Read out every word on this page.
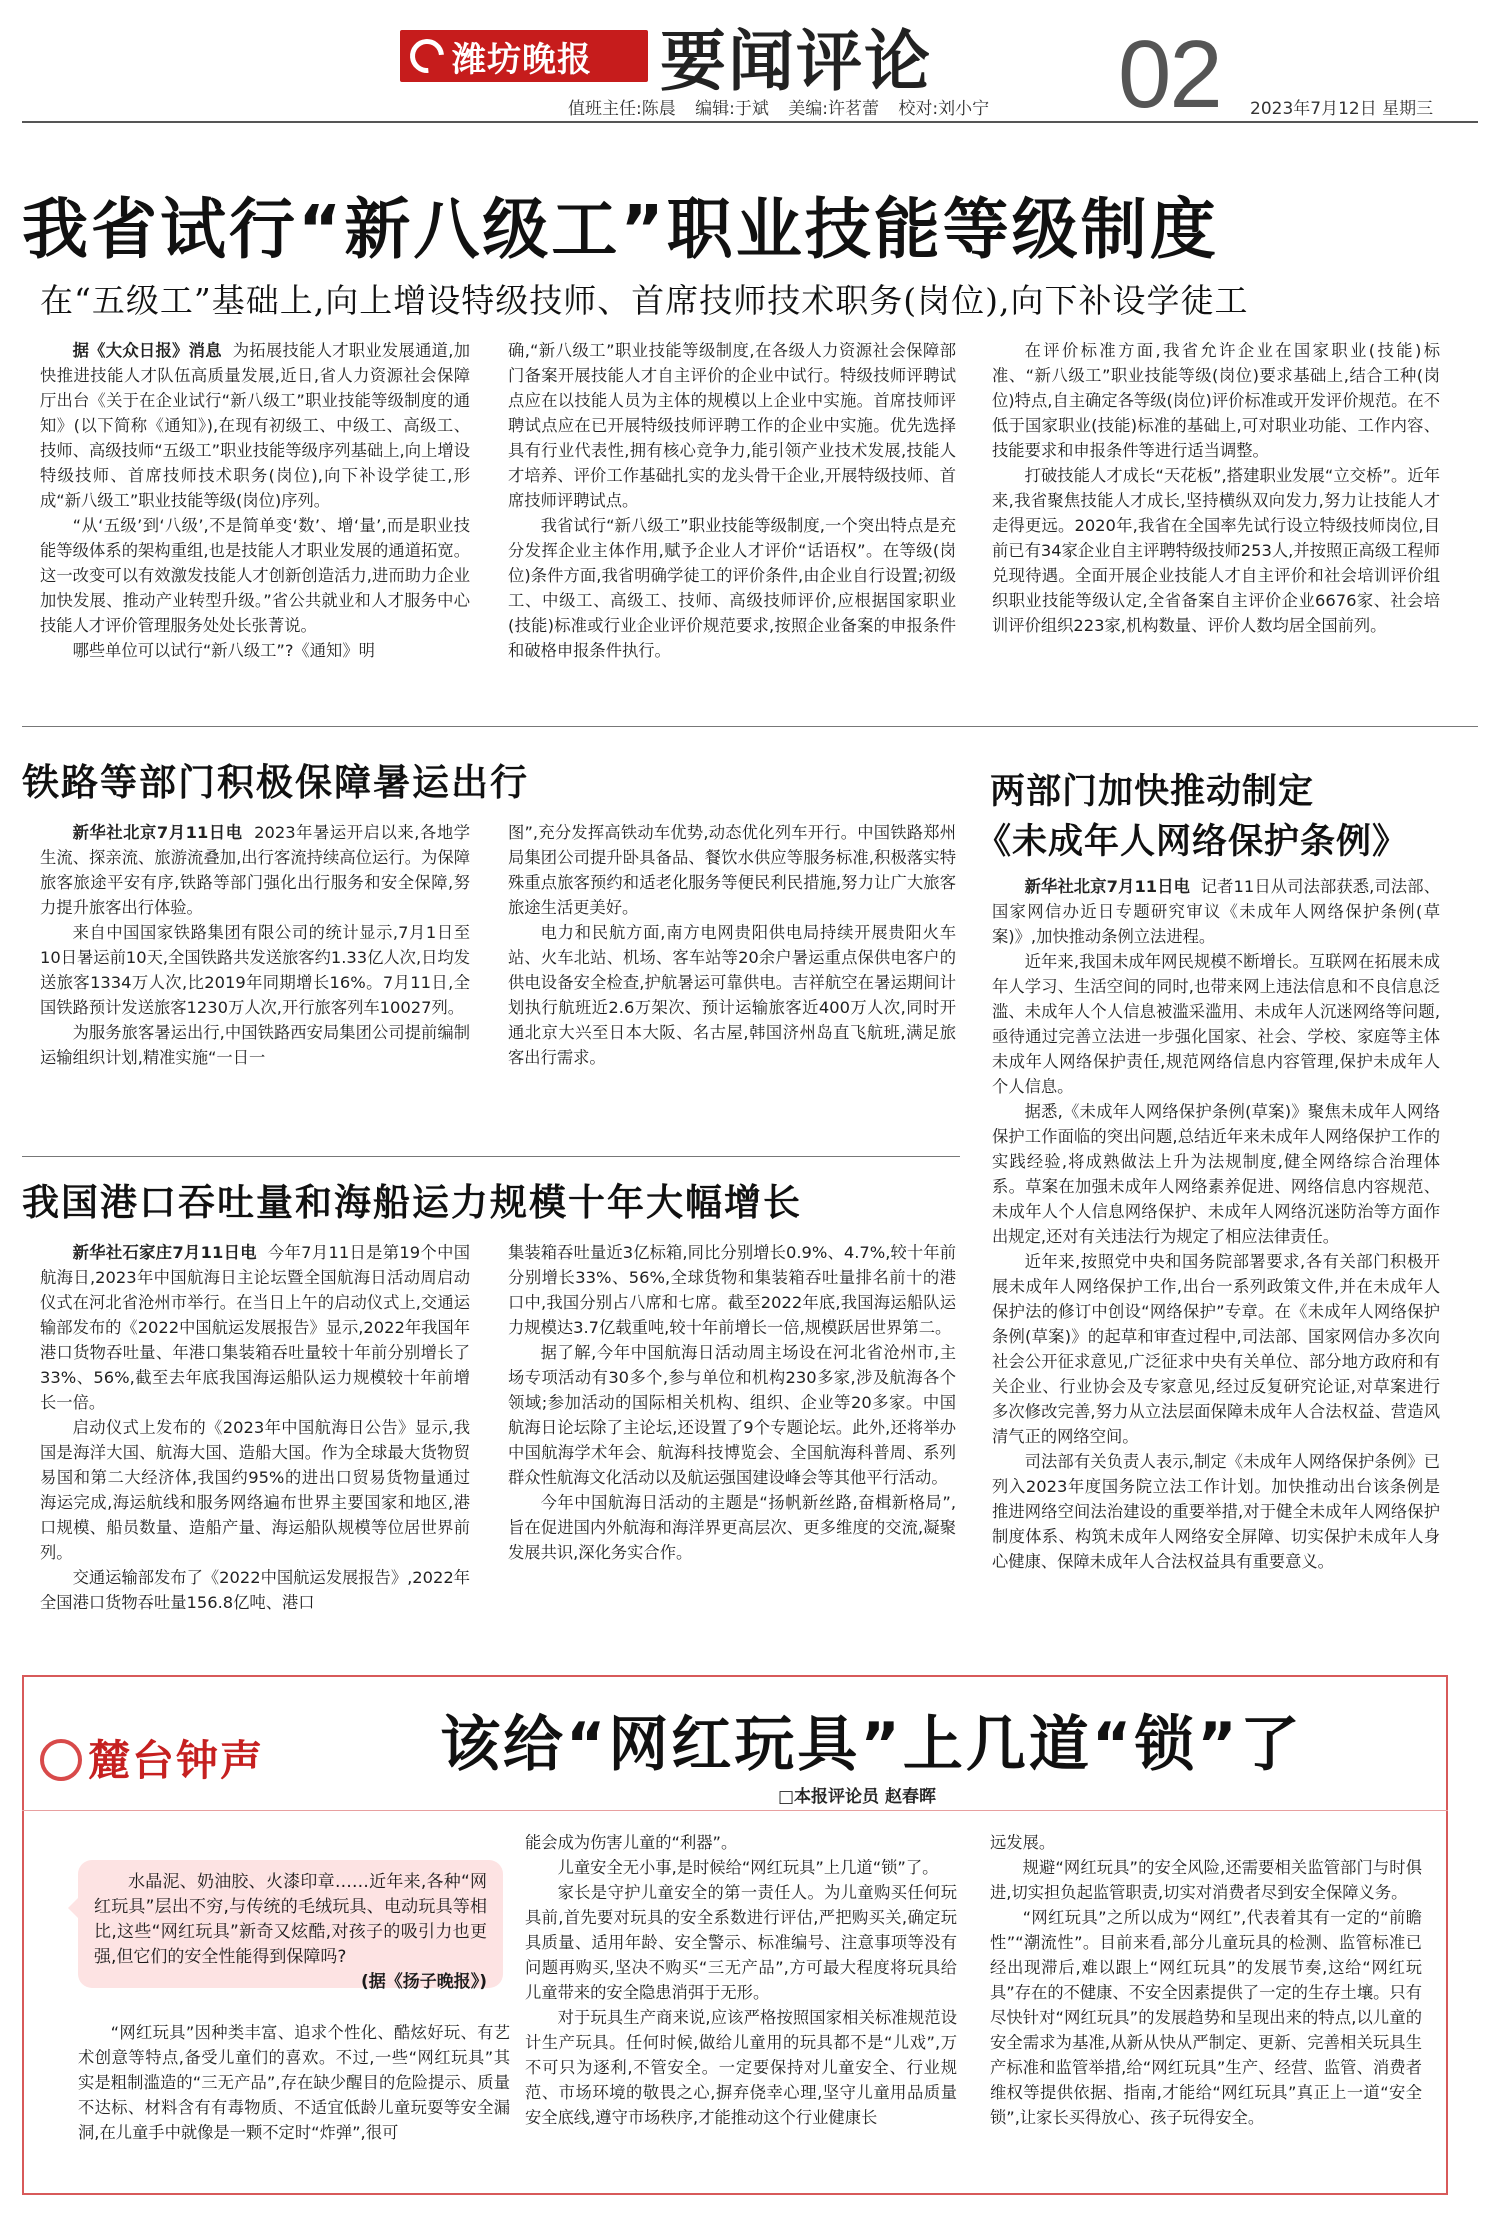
潍坊晚报 要闻评论 02
值班主任:陈晨 编辑:于斌 美编:许茗蕾 校对:刘小宁	2023年7月12日 星期三
我省试行“新八级工”职业技能等级制度
在“五级工”基础上,向上增设特级技师、首席技师技术职务(岗位),向下补设学徒工

据《大众日报》消息 为拓展技能人才职业发展通道,加快推进技能人才队伍高质量发展,近日,省人力资源社会保障厅出台《关于在企业试行“新八级工”职业技能等级制度的通知》(以下简称《通知》),在现有初级工、中级工、高级工、技师、高级技师“五级工”职业技能等级序列基础上,向上增设特级技师、首席技师技术职务(岗位),向下补设学徒工,形成“新八级工”职业技能等级(岗位)序列。

“从‘五级’到‘八级’,不是简单变‘数’、增‘量’,而是职业技能等级体系的架构重组,也是技能人才职业发展的通道拓宽。这一改变可以有效激发技能人才创新创造活力,进而助力企业加快发展、推动产业转型升级。”省公共就业和人才服务中心技能人才评价管理服务处处长张菁说。

哪些单位可以试行“新八级工”?《通知》明

确,“新八级工”职业技能等级制度,在各级人力资源社会保障部门备案开展技能人才自主评价的企业中试行。特级技师评聘试点应在以技能人员为主体的规模以上企业中实施。首席技师评聘试点应在已开展特级技师评聘工作的企业中实施。优先选择具有行业代表性,拥有核心竞争力,能引领产业技术发展,技能人才培养、评价工作基础扎实的龙头骨干企业,开展特级技师、首席技师评聘试点。

我省试行“新八级工”职业技能等级制度,一个突出特点是充分发挥企业主体作用,赋予企业人才评价“话语权”。在等级(岗位)条件方面,我省明确学徒工的评价条件,由企业自行设置;初级工、中级工、高级工、技师、高级技师评价,应根据国家职业(技能)标准或行业企业评价规范要求,按照企业备案的申报条件和破格申报条件执行。

在评价标准方面,我省允许企业在国家职业(技能)标准、“新八级工”职业技能等级(岗位)要求基础上,结合工种(岗位)特点,自主确定各等级(岗位)评价标准或开发评价规范。在不低于国家职业(技能)标准的基础上,可对职业功能、工作内容、技能要求和申报条件等进行适当调整。

打破技能人才成长“天花板”,搭建职业发展“立交桥”。近年来,我省聚焦技能人才成长,坚持横纵双向发力,努力让技能人才走得更远。2020年,我省在全国率先试行设立特级技师岗位,目前已有34家企业自主评聘特级技师253人,并按照正高级工程师兑现待遇。全面开展企业技能人才自主评价和社会培训评价组织职业技能等级认定,全省备案自主评价企业6676家、社会培训评价组织223家,机构数量、评价人数均居全国前列。

铁路等部门积极保障暑运出行

新华社北京7月11日电 2023年暑运开启以来,各地学生流、探亲流、旅游流叠加,出行客流持续高位运行。为保障旅客旅途平安有序,铁路等部门强化出行服务和安全保障,努力提升旅客出行体验。

来自中国国家铁路集团有限公司的统计显示,7月1日至10日暑运前10天,全国铁路共发送旅客约1.33亿人次,日均发送旅客1334万人次,比2019年同期增长16%。7月11日,全国铁路预计发送旅客1230万人次,开行旅客列车10027列。

为服务旅客暑运出行,中国铁路西安局集团公司提前编制运输组织计划,精准实施“一日一

图”,充分发挥高铁动车优势,动态优化列车开行。中国铁路郑州局集团公司提升卧具备品、餐饮水供应等服务标准,积极落实特殊重点旅客预约和适老化服务等便民利民措施,努力让广大旅客旅途生活更美好。

电力和民航方面,南方电网贵阳供电局持续开展贵阳火车站、火车北站、机场、客车站等20余户暑运重点保供电客户的供电设备安全检查,护航暑运可靠供电。吉祥航空在暑运期间计划执行航班近2.6万架次、预计运输旅客近400万人次,同时开通北京大兴至日本大阪、名古屋,韩国济州岛直飞航班,满足旅客出行需求。

我国港口吞吐量和海船运力规模十年大幅增长

新华社石家庄7月11日电 今年7月11日是第19个中国航海日,2023年中国航海日主论坛暨全国航海日活动周启动仪式在河北省沧州市举行。在当日上午的启动仪式上,交通运输部发布的《2022中国航运发展报告》显示,2022年我国年港口货物吞吐量、年港口集装箱吞吐量较十年前分别增长了33%、56%,截至去年底我国海运船队运力规模较十年前增长一倍。

启动仪式上发布的《2023年中国航海日公告》显示,我国是海洋大国、航海大国、造船大国。作为全球最大货物贸易国和第二大经济体,我国约95%的进出口贸易货物量通过海运完成,海运航线和服务网络遍布世界主要国家和地区,港口规模、船员数量、造船产量、海运船队规模等位居世界前列。

交通运输部发布了《2022中国航运发展报告》,2022年全国港口货物吞吐量156.8亿吨、港口

集装箱吞吐量近3亿标箱,同比分别增长0.9%、4.7%,较十年前分别增长33%、56%,全球货物和集装箱吞吐量排名前十的港口中,我国分别占八席和七席。截至2022年底,我国海运船队运力规模达3.7亿载重吨,较十年前增长一倍,规模跃居世界第二。

据了解,今年中国航海日活动周主场设在河北省沧州市,主场专项活动有30多个,参与单位和机构230多家,涉及航海各个领域;参加活动的国际相关机构、组织、企业等20多家。中国航海日论坛除了主论坛,还设置了9个专题论坛。此外,还将举办中国航海学术年会、航海科技博览会、全国航海科普周、系列群众性航海文化活动以及航运强国建设峰会等其他平行活动。

今年中国航海日活动的主题是“扬帆新丝路,奋楫新格局”,旨在促进国内外航海和海洋界更高层次、更多维度的交流,凝聚发展共识,深化务实合作。

两部门加快推动制定
《未成年人网络保护条例》

新华社北京7月11日电 记者11日从司法部获悉,司法部、国家网信办近日专题研究审议《未成年人网络保护条例(草案)》,加快推动条例立法进程。

近年来,我国未成年网民规模不断增长。互联网在拓展未成年人学习、生活空间的同时,也带来网上违法信息和不良信息泛滥、未成年人个人信息被滥采滥用、未成年人沉迷网络等问题,亟待通过完善立法进一步强化国家、社会、学校、家庭等主体未成年人网络保护责任,规范网络信息内容管理,保护未成年人个人信息。

据悉,《未成年人网络保护条例(草案)》聚焦未成年人网络保护工作面临的突出问题,总结近年来未成年人网络保护工作的实践经验,将成熟做法上升为法规制度,健全网络综合治理体系。草案在加强未成年人网络素养促进、网络信息内容规范、未成年人个人信息网络保护、未成年人网络沉迷防治等方面作出规定,还对有关违法行为规定了相应法律责任。

近年来,按照党中央和国务院部署要求,各有关部门积极开展未成年人网络保护工作,出台一系列政策文件,并在未成年人保护法的修订中创设“网络保护”专章。在《未成年人网络保护条例(草案)》的起草和审查过程中,司法部、国家网信办多次向社会公开征求意见,广泛征求中央有关单位、部分地方政府和有关企业、行业协会及专家意见,经过反复研究论证,对草案进行多次修改完善,努力从立法层面保障未成年人合法权益、营造风清气正的网络空间。

司法部有关负责人表示,制定《未成年人网络保护条例》已列入2023年度国务院立法工作计划。加快推动出台该条例是推进网络空间法治建设的重要举措,对于健全未成年人网络保护制度体系、构筑未成年人网络安全屏障、切实保护未成年人身心健康、保障未成年人合法权益具有重要意义。

麓台钟声	该给“网红玩具”上几道“锁”了
□本报评论员 赵春晖

水晶泥、奶油胶、火漆印章……近年来,各种“网红玩具”层出不穷,与传统的毛绒玩具、电动玩具等相比,这些“网红玩具”新奇又炫酷,对孩子的吸引力也更强,但它们的安全性能得到保障吗?

(据《扬子晚报》)

“网红玩具”因种类丰富、追求个性化、酷炫好玩、有艺术创意等特点,备受儿童们的喜欢。不过,一些“网红玩具”其实是粗制滥造的“三无产品”,存在缺少醒目的危险提示、质量不达标、材料含有有毒物质、不适宜低龄儿童玩耍等安全漏洞,在儿童手中就像是一颗不定时“炸弹”,很可

能会成为伤害儿童的“利器”。

儿童安全无小事,是时候给“网红玩具”上几道“锁”了。

家长是守护儿童安全的第一责任人。为儿童购买任何玩具前,首先要对玩具的安全系数进行评估,严把购买关,确定玩具质量、适用年龄、安全警示、标准编号、注意事项等没有问题再购买,坚决不购买“三无产品”,方可最大程度将玩具给儿童带来的安全隐患消弭于无形。

对于玩具生产商来说,应该严格按照国家相关标准规范设计生产玩具。任何时候,做给儿童用的玩具都不是“儿戏”,万不可只为逐利,不管安全。一定要保持对儿童安全、行业规范、市场环境的敬畏之心,摒弃侥幸心理,坚守儿童用品质量安全底线,遵守市场秩序,才能推动这个行业健康长

远发展。

规避“网红玩具”的安全风险,还需要相关监管部门与时俱进,切实担负起监管职责,切实对消费者尽到安全保障义务。

“网红玩具”之所以成为“网红”,代表着其有一定的“前瞻性”“潮流性”。目前来看,部分儿童玩具的检测、监管标准已经出现滞后,难以跟上“网红玩具”的发展节奏,这给“网红玩具”存在的不健康、不安全因素提供了一定的生存土壤。只有尽快针对“网红玩具”的发展趋势和呈现出来的特点,以儿童的安全需求为基准,从新从快从严制定、更新、完善相关玩具生产标准和监管举措,给“网红玩具”生产、经营、监管、消费者维权等提供依据、指南,才能给“网红玩具”真正上一道“安全锁”,让家长买得放心、孩子玩得安全。
